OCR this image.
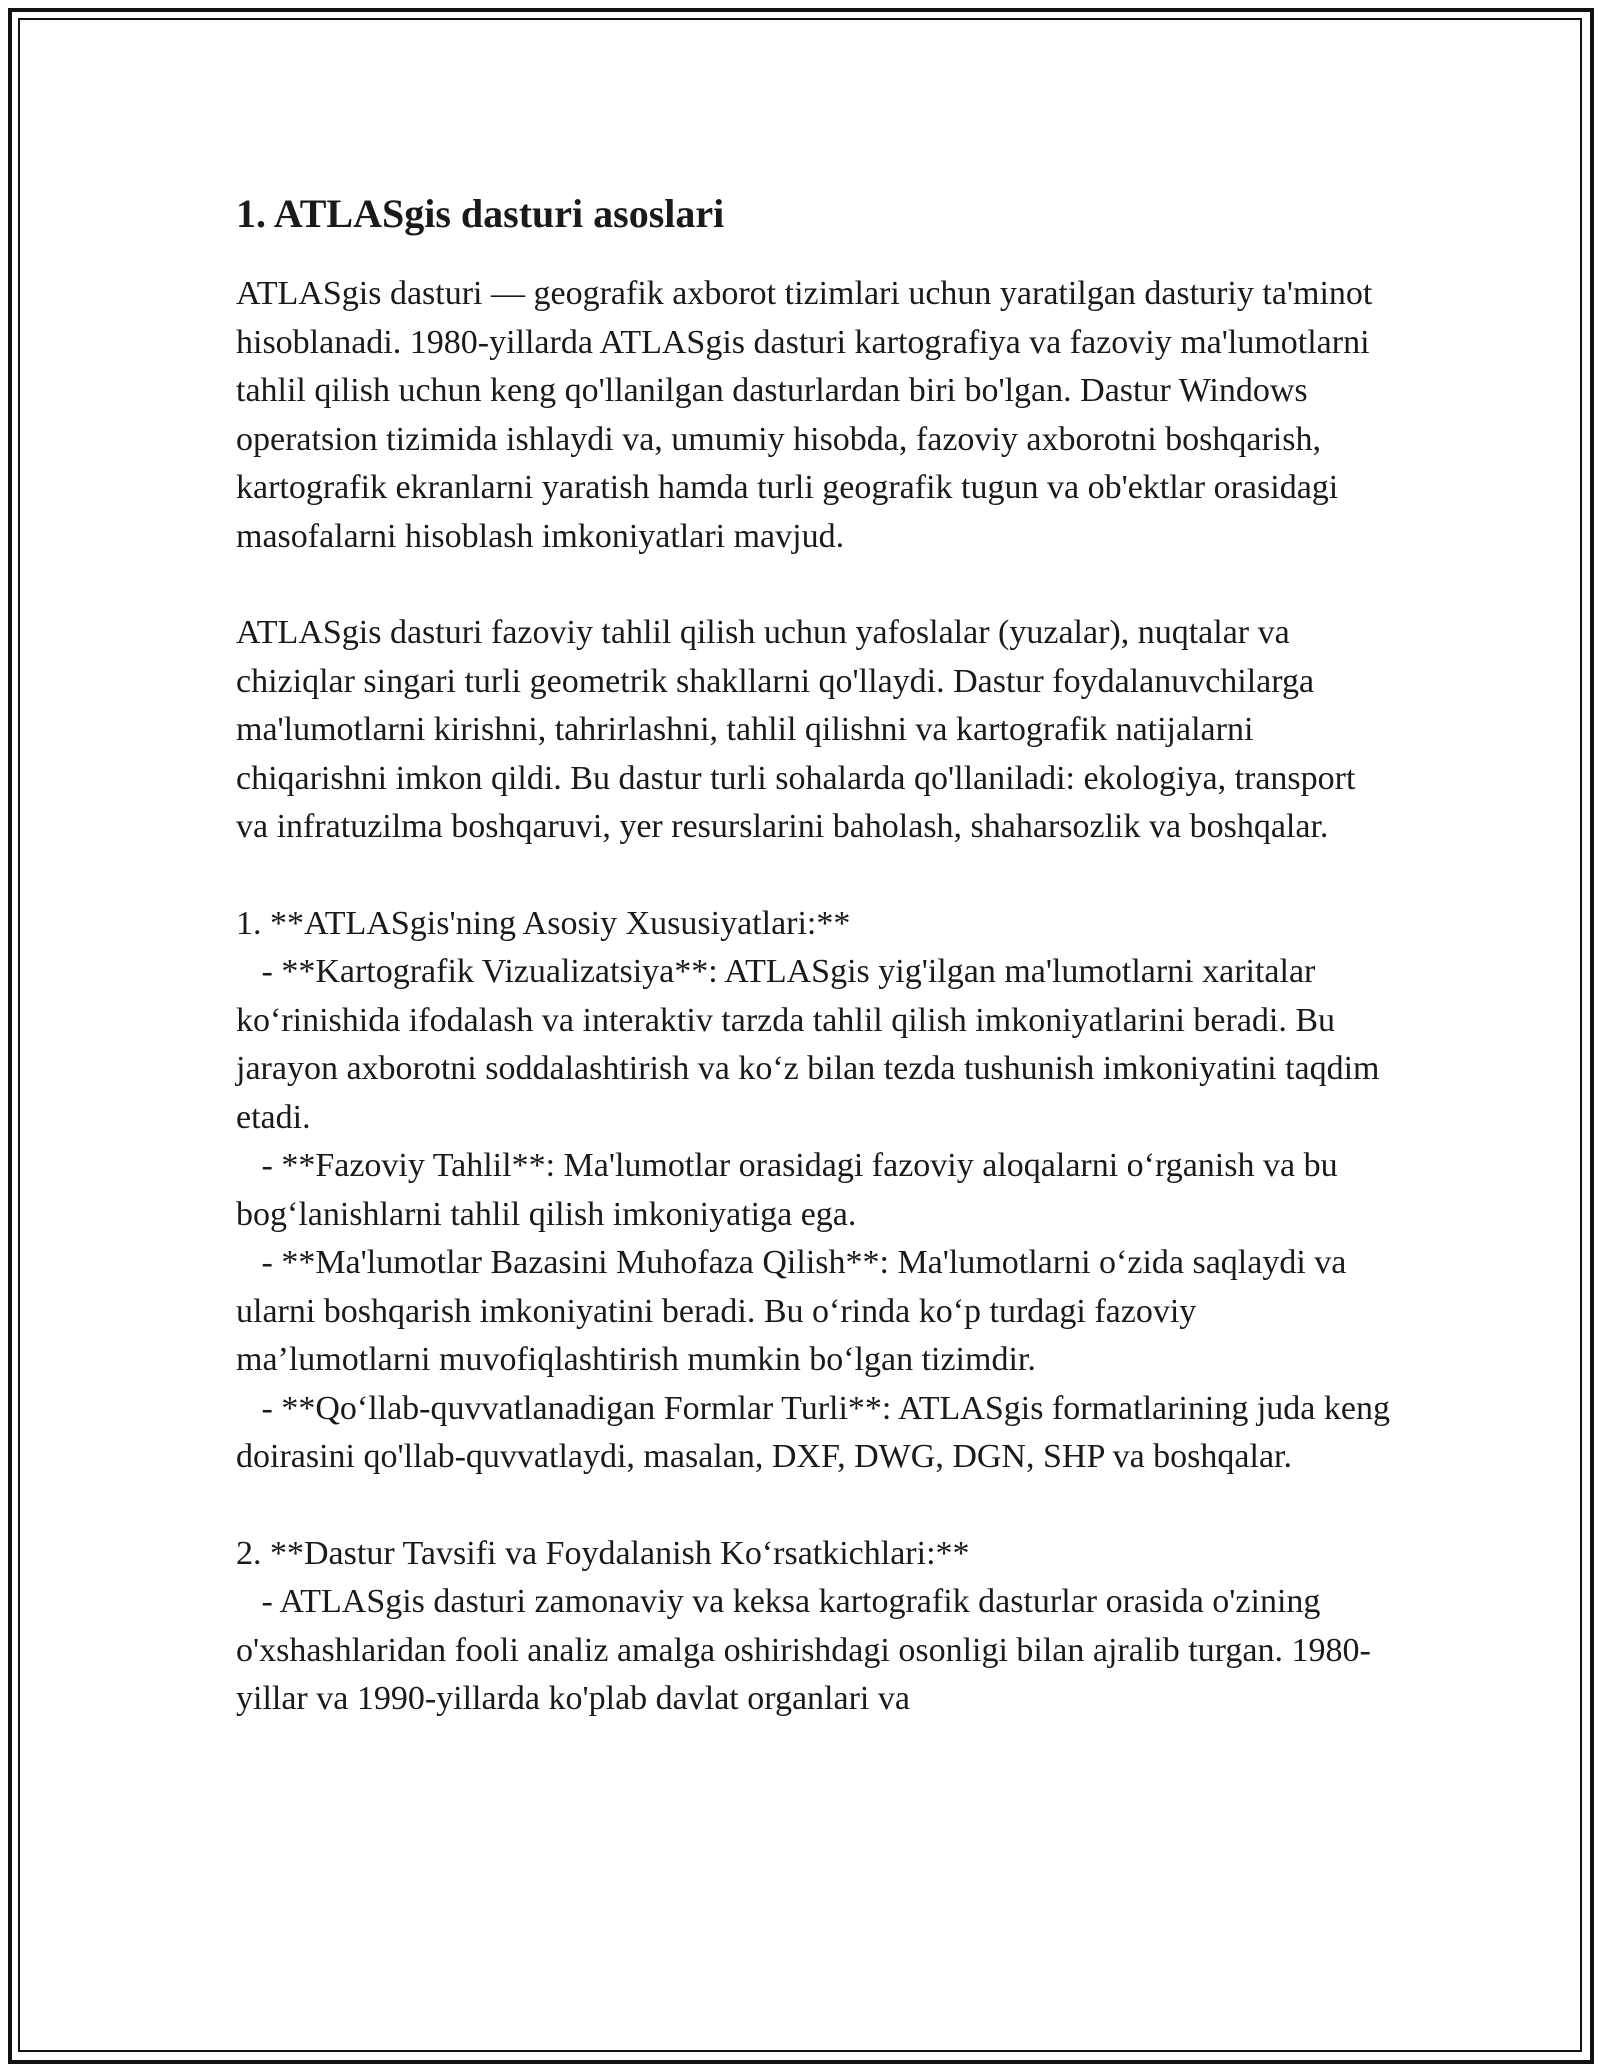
1. ATLASgis dasturi asoslari

ATLASgis dasturi — geografik axborot tizimlari uchun yaratilgan dasturiy ta'minot hisoblanadi. 1980-yillarda ATLASgis dasturi kartografiya va fazoviy ma'lumotlarni tahlil qilish uchun keng qo'llanilgan dasturlardan biri bo'lgan. Dastur Windows operatsion tizimida ishlaydi va, umumiy hisobda, fazoviy axborotni boshqarish, kartografik ekranlarni yaratish hamda turli geografik tugun va ob'ektlar orasidagi masofalarni hisoblash imkoniyatlari mavjud.

ATLASgis dasturi fazoviy tahlil qilish uchun yafoslalar (yuzalar), nuqtalar va chiziqlar singari turli geometrik shakllarni qo'llaydi. Dastur foydalanuvchilarga ma'lumotlarni kirishni, tahrirlashni, tahlil qilishni va kartografik natijalarni chiqarishni imkon qildi. Bu dastur turli sohalarda qo'llaniladi: ekologiya, transport va infratuzilma boshqaruvi, yer resurslarini baholash, shaharsozlik va boshqalar.

1. **ATLASgis'ning Asosiy Xususiyatlari:**

- **Kartografik Vizualizatsiya**: ATLASgis yig'ilgan ma'lumotlarni xaritalar koʻrinishida ifodalash va interaktiv tarzda tahlil qilish imkoniyatlarini beradi. Bu jarayon axborotni soddalashtirish va koʻz bilan tezda tushunish imkoniyatini taqdim etadi.

- **Fazoviy Tahlil**: Ma'lumotlar orasidagi fazoviy aloqalarni oʻrganish va bu bogʻlanishlarni tahlil qilish imkoniyatiga ega.

- **Ma'lumotlar Bazasini Muhofaza Qilish**: Ma'lumotlarni oʻzida saqlaydi va ularni boshqarish imkoniyatini beradi. Bu oʻrinda koʻp turdagi fazoviy ma’lumotlarni muvofiqlashtirish mumkin boʻlgan tizimdir.

- **Qoʻllab-quvvatlanadigan Formlar Turli**: ATLASgis formatlarining juda keng doirasini qo'llab-quvvatlaydi, masalan, DXF, DWG, DGN, SHP va boshqalar.

2. **Dastur Tavsifi va Foydalanish Koʻrsatkichlari:**

- ATLASgis dasturi zamonaviy va keksa kartografik dasturlar orasida o'zining o'xshashlaridan fooli analiz amalga oshirishdagi osonligi bilan ajralib turgan. 1980-yillar va 1990-yillarda ko'plab davlat organlari va
